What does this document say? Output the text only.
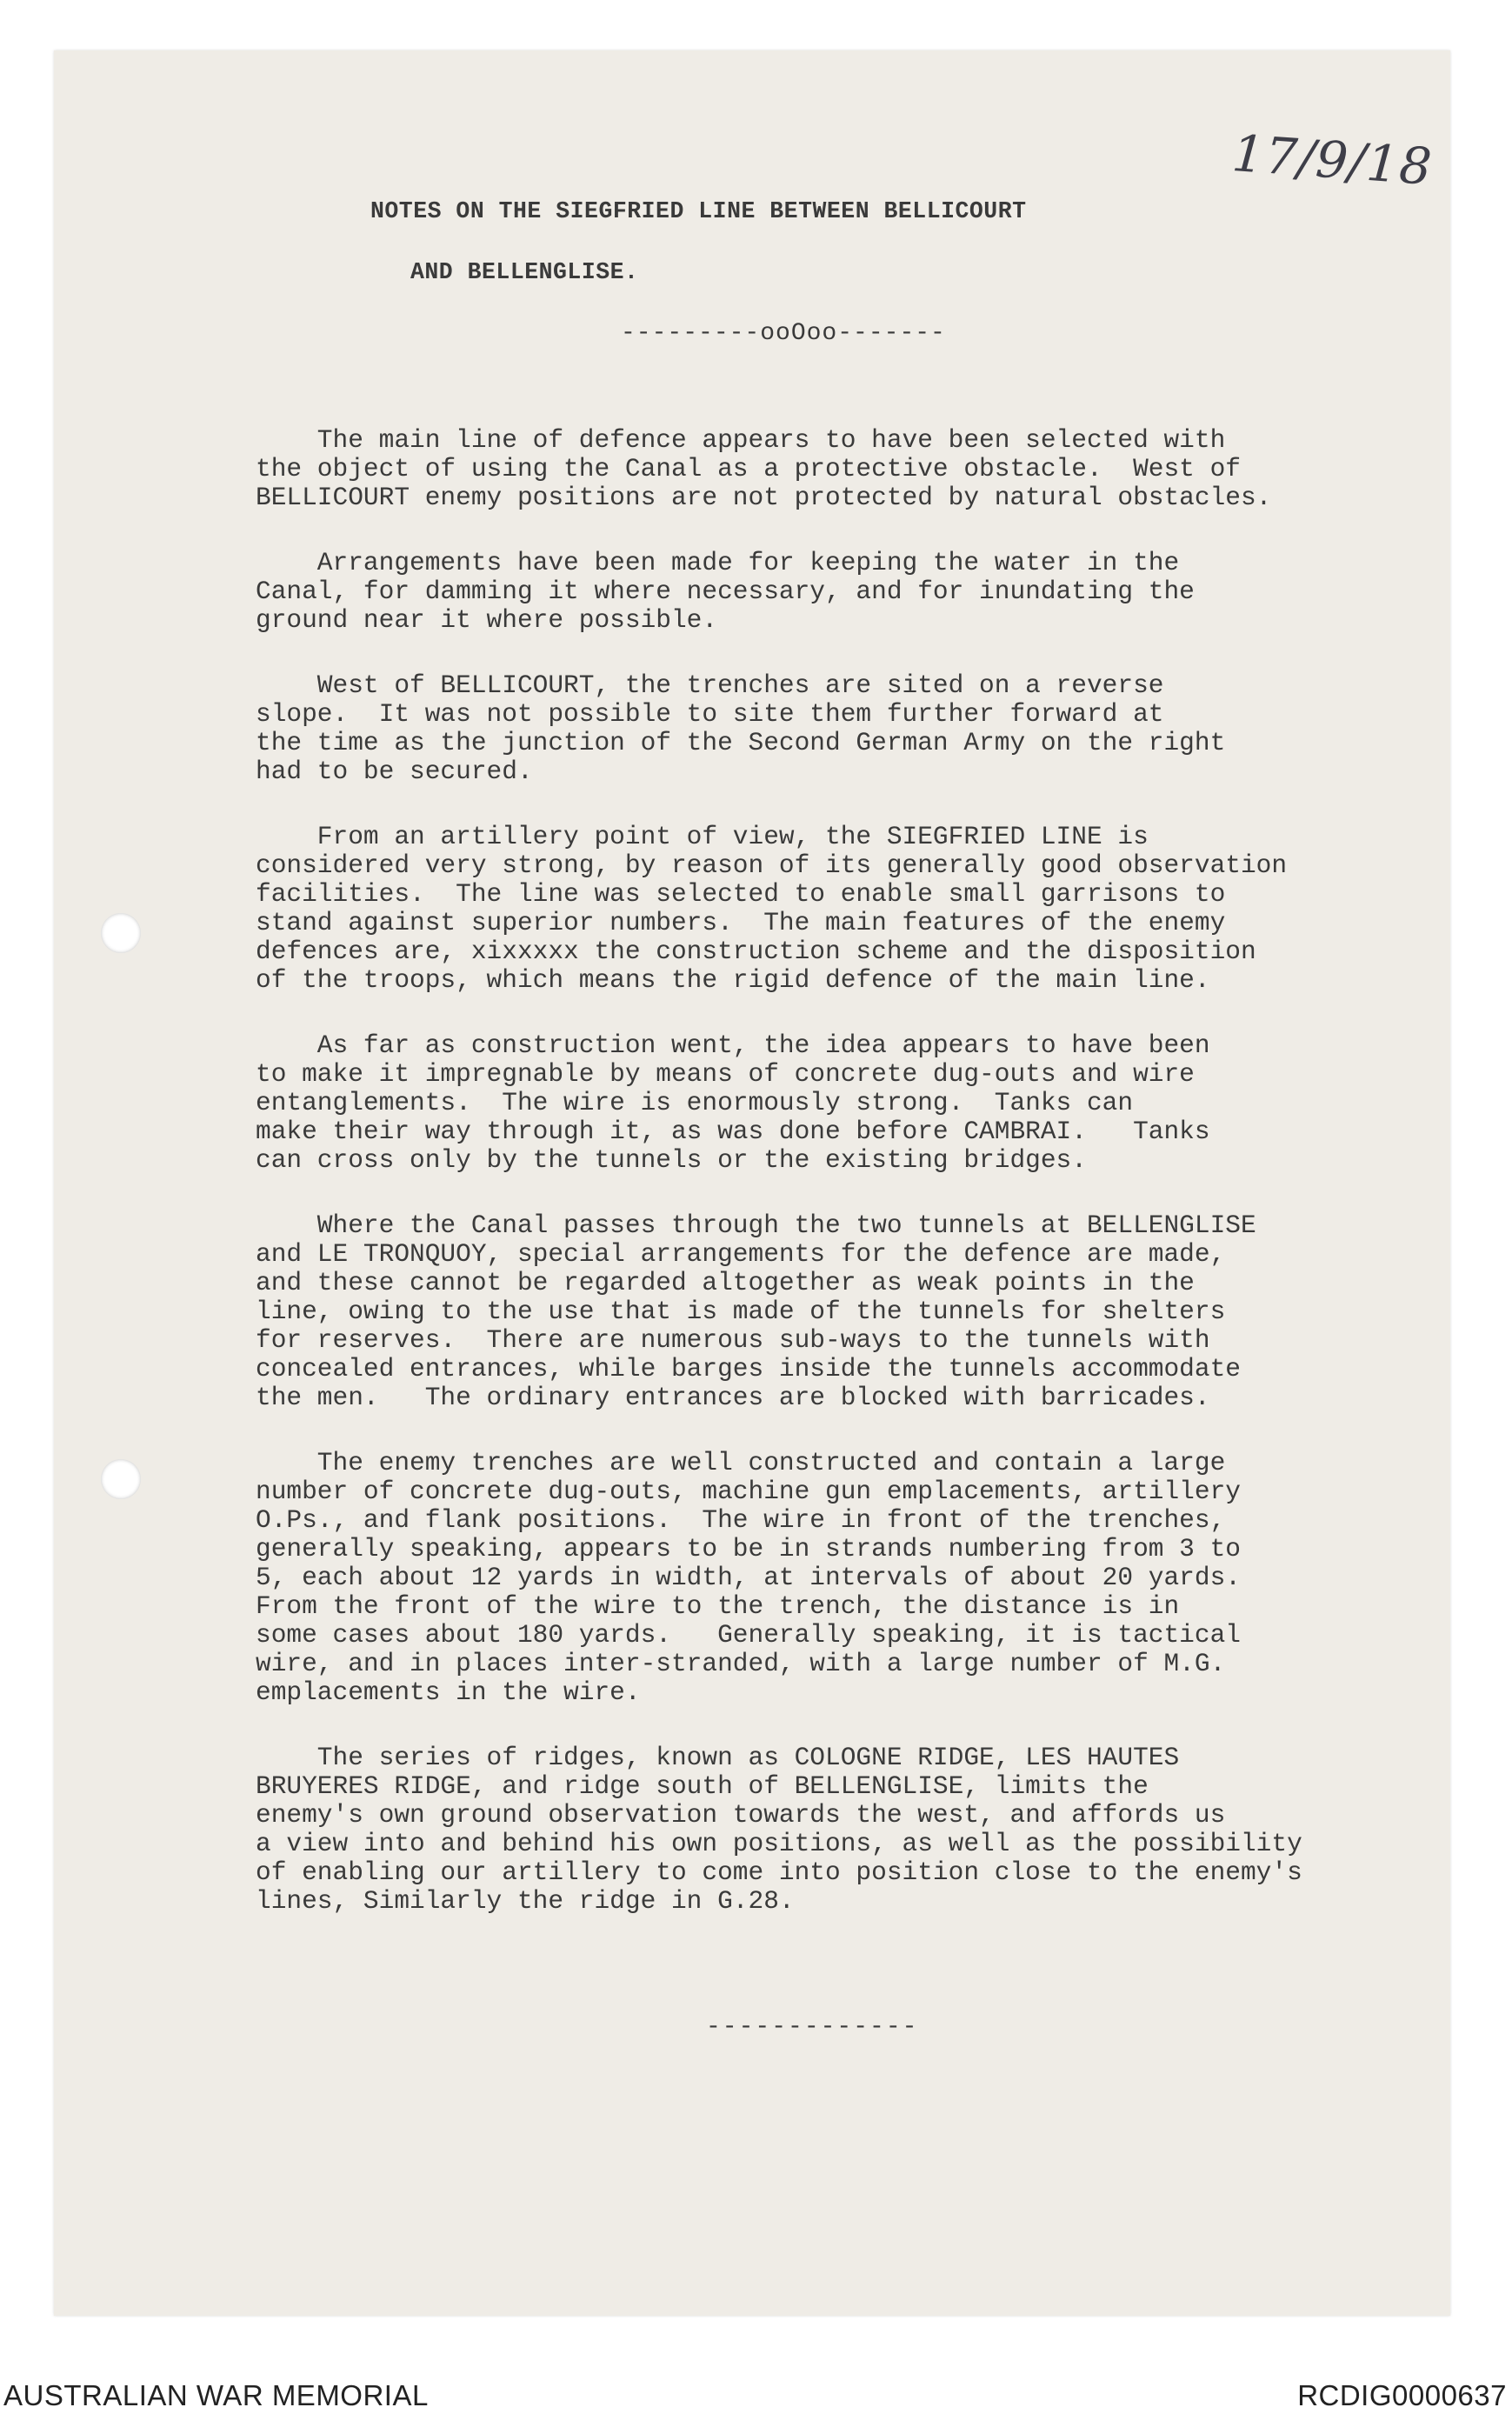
17/9/18
NOTES ON THE SIEGFRIED LINE BETWEEN BELLICOURT
AND BELLENGLISE.
---------ooOoo-------
The main line of defence appears to have been selected with
the object of using the Canal as a protective obstacle.  West of
BELLICOURT enemy positions are not protected by natural obstacles.
Arrangements have been made for keeping the water in the
Canal, for damming it where necessary, and for inundating the
ground near it where possible.
West of BELLICOURT, the trenches are sited on a reverse
slope.  It was not possible to site them further forward at
the time as the junction of the Second German Army on the right
had to be secured.
From an artillery point of view, the SIEGFRIED LINE is
considered very strong, by reason of its generally good observation
facilities.  The line was selected to enable small garrisons to
stand against superior numbers.  The main features of the enemy
defences are, xixxxxx the construction scheme and the disposition
of the troops, which means the rigid defence of the main line.
As far as construction went, the idea appears to have been
to make it impregnable by means of concrete dug-outs and wire
entanglements.  The wire is enormously strong.  Tanks can
make their way through it, as was done before CAMBRAI.   Tanks
can cross only by the tunnels or the existing bridges.
Where the Canal passes through the two tunnels at BELLENGLISE
and LE TRONQUOY, special arrangements for the defence are made,
and these cannot be regarded altogether as weak points in the
line, owing to the use that is made of the tunnels for shelters
for reserves.  There are numerous sub-ways to the tunnels with
concealed entrances, while barges inside the tunnels accommodate
the men.   The ordinary entrances are blocked with barricades.
The enemy trenches are well constructed and contain a large
number of concrete dug-outs, machine gun emplacements, artillery
O.Ps., and flank positions.  The wire in front of the trenches,
generally speaking, appears to be in strands numbering from 3 to
5, each about 12 yards in width, at intervals of about 20 yards.
From the front of the wire to the trench, the distance is in
some cases about 180 yards.   Generally speaking, it is tactical
wire, and in places inter-stranded, with a large number of M.G.
emplacements in the wire.
The series of ridges, known as COLOGNE RIDGE, LES HAUTES
BRUYERES RIDGE, and ridge south of BELLENGLISE, limits the
enemy's own ground observation towards the west, and affords us
a view into and behind his own positions, as well as the possibility
of enabling our artillery to come into position close to the enemy's
lines, Similarly the ridge in G.28.
-------------
AUSTRALIAN WAR MEMORIAL	RCDIG0000637
